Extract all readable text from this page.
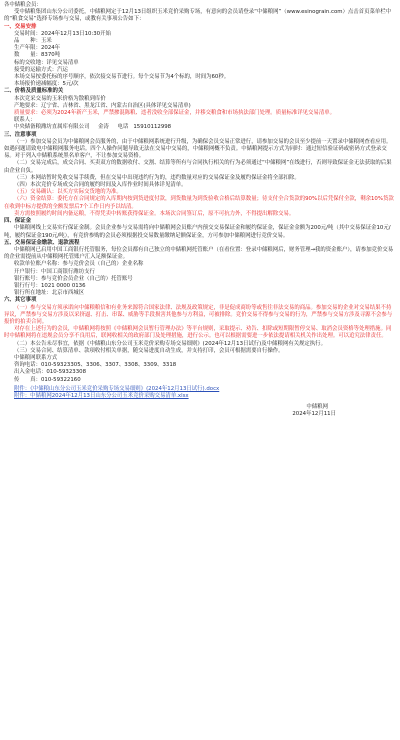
各中储粮会员：

受中储粮集团山东分公司委托，中储粮网定于12月13日组织玉米竞价采购专场，有意向的会员请登录“中储粮网”（www.esinograin.com）点击首页菜单栏中的“粮食交易”选择专场参与交易，或教有关事项公告如下：

一、交易安排

交易时间：2024年12月13日10:30开始

品　　种：玉米

生产年限：2024年

数　　量：8370吨

标的交收地：详见交易清单

接受的运输方式：汽运

本场交易按委托标的序号顺序，依次接交易节进行。每个交易节为4个标的，时间为60秒。

本场报价递减幅度：5元/次

二、价格及质量标准的关

本次竞采交易的玉米价格为散粮到库价

产地要求：辽宁省、吉林省、黑龙江省、内蒙古自治区(具体详见交易清单)

质量要求：必须为2024年新产玉米，严禁掺混陈粮、违者没收全部保证金，并移交粮食和市场执法部门处理。质量标准详见交易清单。

联系人：

中央储备粮潍坊直属库有限公司 金涛 电话 15910112998

三、注意事项

（一）参加交易会员为中储粮网会员服务的，由于中储粮网系统进行升级，为确保会员交易正常进行，请参加交易的会员至少提前一天置录中储粮网查看应用。如遇问题请致电中储粮网服务电话。四个人操作问题导致无法在交易中交易的，中储粮网概不负责。中储粮网提示方式为同时：通过短信验证码或密码方式登录交易。对于列入中储粮系统黑名单客户，不让参加交易资格。

（二）交易完成后，成交合同、买卖双方的数据收付、交割、结算等所有与合同执行相关的行为必须通过“中储粮网”在线进行，否则导致保证金无法获取的后果由企业自负。

（三）本网站暂时免收交易手续费，但在交易中出现违约行为的，违约数量对应的交易保证金及履约保证金将全部扣除。

（四）本次竞价专场成交合同的履约时间及入库作业时间具体详见清单。

（五）交易确认：以买方实际交货地的为准。

（六）资金结算：委托方在合同规定的入库期内按到货进度付款，到货数量为到货验收合格后结算数量；待支付全合货款的90%以后凭保付全款，剩余10%货款在收到中标方提供的全额发票后7个工作日内予以结清。

卖方需按照履约时间内备运粮，不得凭卖中转账获得保证金。本场次合同签订后，原不可抗力外，不得提出解除交易。

四、保证金

中储粮网线上交易实行保证金制。会员企业参与交易需将向中储粮网会员账户内预交交易保证金和履约保证金，保证金金额为200元/吨（其中交易保证金10元/吨，履约保证金190元/吨），有竞价参购的会员必须根据投交易数量缴纳足额保证金，方可参加中储粮网进行竞价交易。

五、交易保证金缴款、退款流程

中储粮网已启用中国工商银行托管服务，每位会员都有自己独立的中储粮网托管账户（在看位置：登录中储粮网后，财务管理→我的资金账户），请参加竞价交易的企业需提前从中储粮网托管账户汇入足额保证金。

收款单位账户名称：参与竞价会员（自己的）企业名称

开户银行：中国工商银行潍坊支行

银行账号：参与竞价会员企业（自己的）托管账号

银行行号：1021 0000 0136

银行所在地址：北京市西城区

六、其它事项

（一）参与交易方须承诺向中储粮粮信和有业务来源符合国家法律、法规及政策规定，非是促成商纷等或售往非法交易的商品。参加交易的企业对交易结果不持异议，严禁参与交易方涉及以采挤逼、打击、串谋、威胁等手段损害其他参与方利益，可被排除。竞价交易不得参与交易的行为，严禁参与交易方涉及寻源不会参与报价的拍卖合同。

对存在上述行为的会员，中储粮网将按照《中储粮网会员暂行管理办法》等平台规则，采取提示、劝告、扣除或短期限暂停交易、取消会员资格等处理措施。同时中储粮网将在违规会员分享不良用后，联网收相关的政府部门及处理措施，进行公示。也可以根据需要进一步依法提请相关机关作出处理。可以追究法律责任。

（二）本公告未尽事宜，依据《中储粮山东分公司玉米竞价采购专场交易细则》(2024年12月13日试行)及中储粮网有关规定执行。

（三）交易合同、结算清单、款项收付相关单据，随交易进度自动生成，并支持打印，会员可根据需要自行操作。

中储粮网联系方式

咨询电话：010-59323305、3306、3307、3308、3309、3318

出入金电话：010-59323308

传　　真：010-59322160

附件：《中储粮山东分公司玉米竞价采购专场交易细则》(2024年12月13日试行).docx

附件：中储粮网2024年12月13日山东分公司玉米竞价采购交易清单.xlsx

中储粮网

2024年12月11日
